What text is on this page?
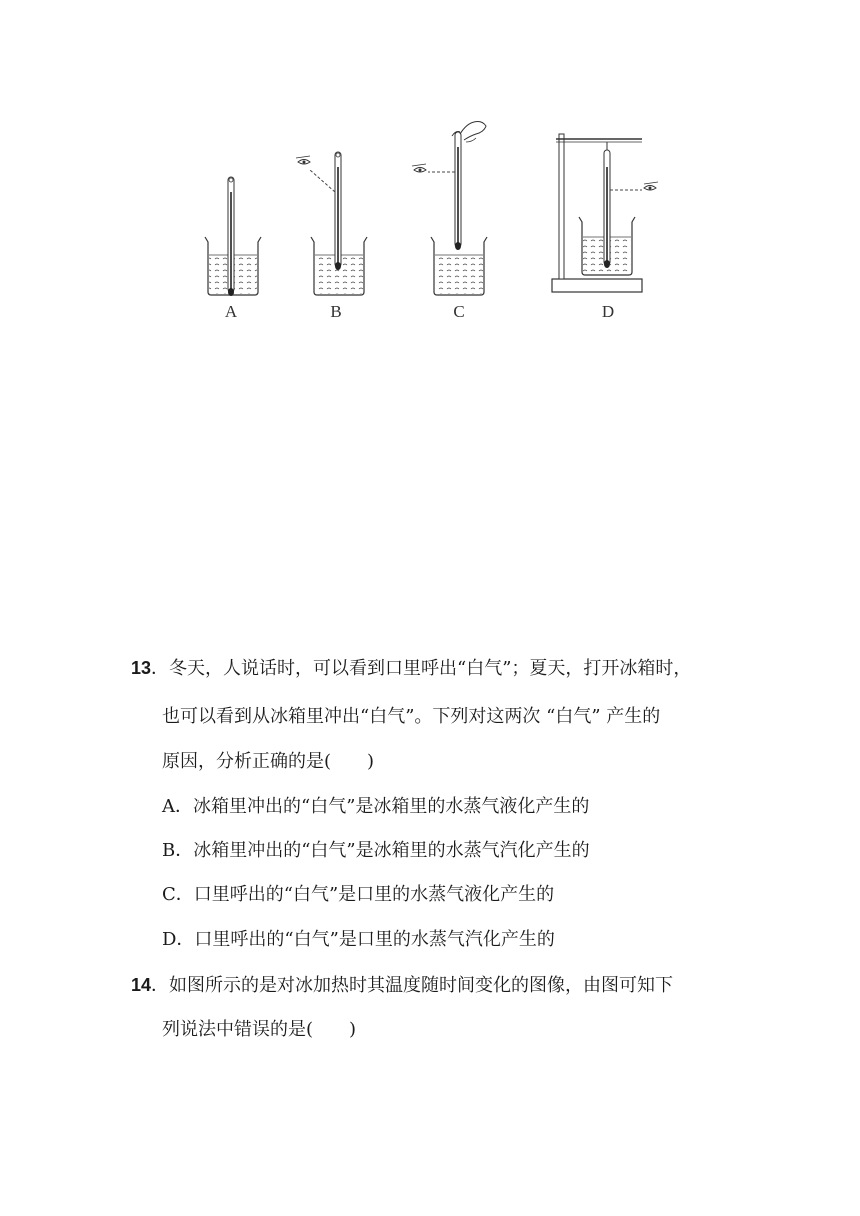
A	B	C	D
13．冬天，人说话时，可以看到口里呼出“白气”；夏天，打开冰箱时，
也可以看到从冰箱里冲出“白气”。下列对这两次 “白气” 产生的
原因，分析正确的是(　　)
A．冰箱里冲出的“白气”是冰箱里的水蒸气液化产生的
B．冰箱里冲出的“白气”是冰箱里的水蒸气汽化产生的
C．口里呼出的“白气”是口里的水蒸气液化产生的
D．口里呼出的“白气”是口里的水蒸气汽化产生的
14．如图所示的是对冰加热时其温度随时间变化的图像，由图可知下
列说法中错误的是(　　)
